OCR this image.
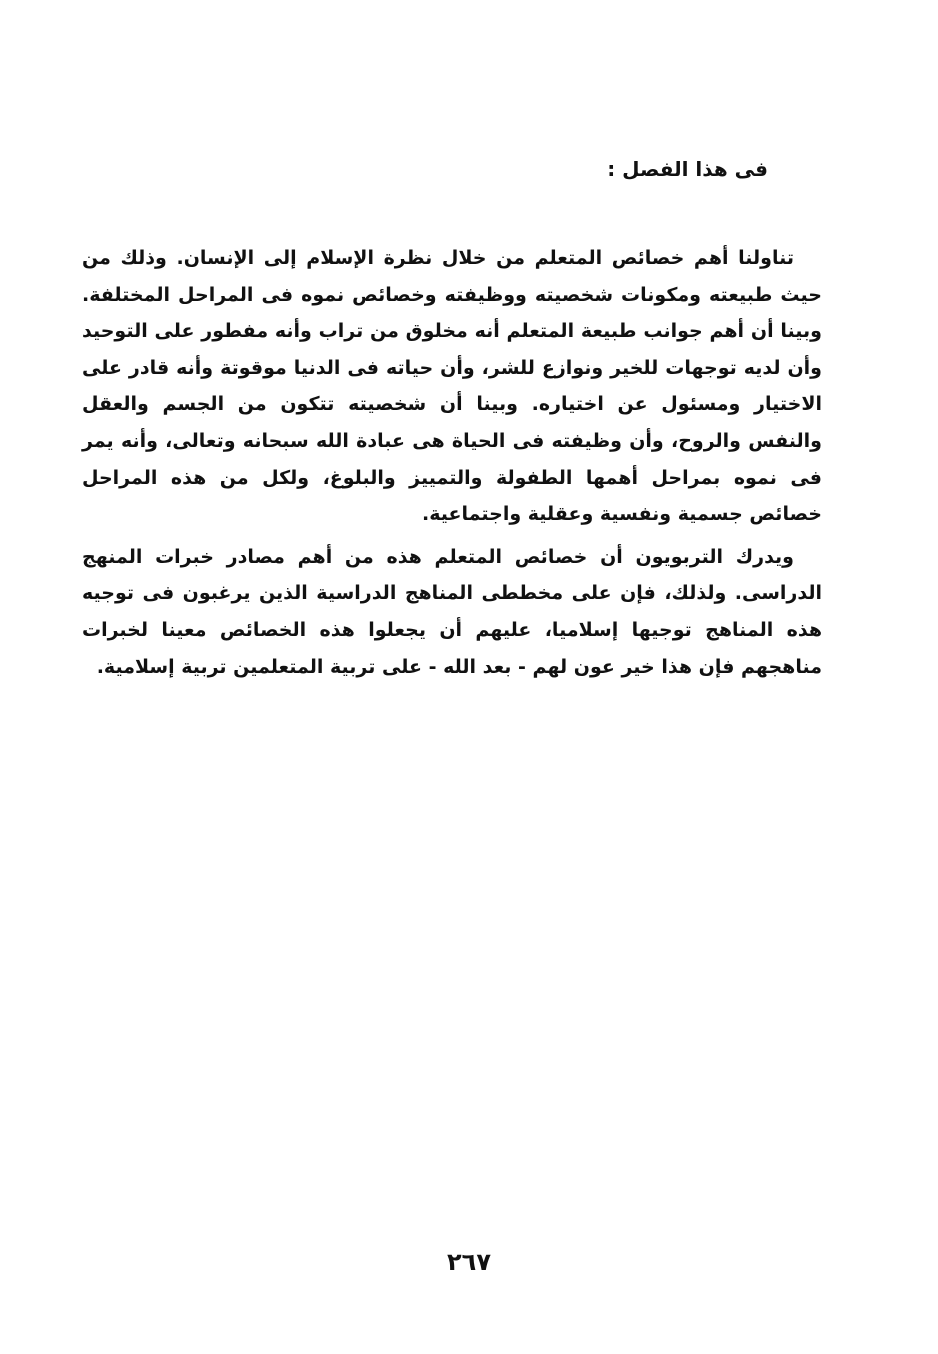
فى هذا الفصل :

تناولنا أهم خصائص المتعلم من خلال نظرة الإسلام إلى الإنسان. وذلك من حيث طبيعته ومكونات شخصيته ووظيفته وخصائص نموه فى المراحل المختلفة. وبينا أن أهم جوانب طبيعة المتعلم أنه مخلوق من تراب وأنه مفطور على التوحيد وأن لديه توجهات للخير ونوازع للشر، وأن حياته فى الدنيا موقوتة وأنه قادر على الاختيار ومسئول عن اختياره. وبينا أن شخصيته تتكون من الجسم والعقل والنفس والروح، وأن وظيفته فى الحياة هى عبادة الله سبحانه وتعالى، وأنه يمر فى نموه بمراحل أهمها الطفولة والتمييز والبلوغ، ولكل من هذه المراحل خصائص جسمية ونفسية وعقلية واجتماعية.

ويدرك التربويون أن خصائص المتعلم هذه من أهم مصادر خبرات المنهج الدراسى. ولذلك، فإن على مخططى المناهج الدراسية الذين يرغبون فى توجيه هذه المناهج توجيها إسلاميا، عليهم أن يجعلوا هذه الخصائص معينا لخبرات مناهجهم فإن هذا خير عون لهم - بعد الله - على تربية المتعلمين تربية إسلامية.

٢٦٧
